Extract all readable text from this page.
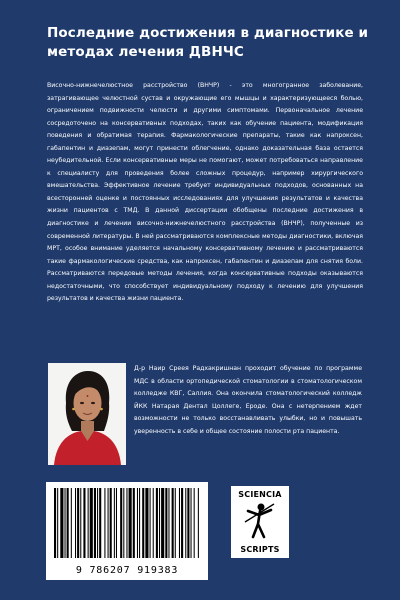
Последние достижения в диагностике и методах лечения ДВНЧС

Височно-нижнечелюстное расстройство (ВНЧР) - это многогранное заболевание, затрагивающее челюстной сустав и окружающие его мышцы и характеризующееся болью, ограничением подвижности челюсти и другими симптомами. Первоначальное лечение сосредоточено на консервативных подходах, таких как обучение пациента, модификация поведения и обратимая терапия. Фармакологические препараты, такие как напроксен, габапентин и диазепам, могут принести облегчение, однако доказательная база остается неубедительной. Если консервативные меры не помогают, может потребоваться направление к специалисту для проведения более сложных процедур, например хирургического вмешательства. Эффективное лечение требует индивидуальных подходов, основанных на всесторонней оценке и постоянных исследованиях для улучшения результатов и качества жизни пациентов с ТМД. В данной диссертации обобщены последние достижения в диагностике и лечении височно-нижнечелюстного расстройства (ВНЧР), полученные из современной литературы. В ней рассматриваются комплексные методы диагностики, включая МРТ, особое внимание уделяется начальному консервативному лечению и рассматриваются такие фармакологические средства, как напроксен, габапентин и диазепам для снятия боли. Рассматриваются передовые методы лечения, когда консервативные подходы оказываются недостаточными, что способствует индивидуальному подходу к лечению для улучшения результатов и качества жизни пациента.

Д-р Наир Среея Радхакришнан проходит обучение по программе МДС в области ортопедической стоматологии в стоматологическом колледже КВГ, Саллия. Она окончила стоматологический колледж ЙКК Натарая Дентал Цоллеге, Ероде. Она с нетерпением ждет возможности не только восстанавливать улыбки, но и повышать уверенность в себе и общее состояние полости рта пациента.

9 786207 919383
SCIENCIA
SCRIPTS
